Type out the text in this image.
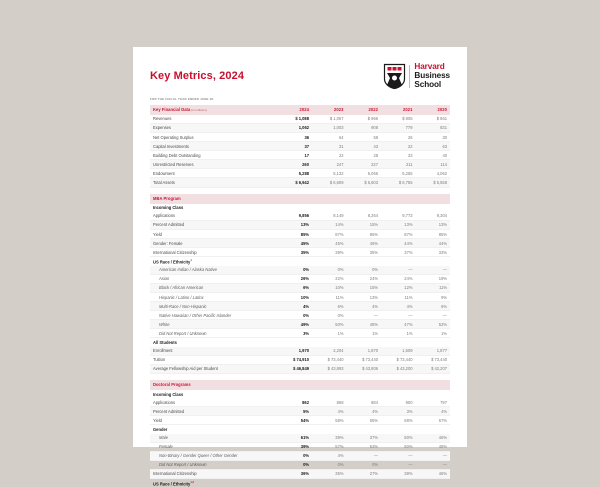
Key Metrics, 2024
Harvard
Business
School
FOR THE FISCAL YEAR ENDED JUNE 30.
Key Financial Data (in millions)	2024	2023	2022	2021	2020
Revenues	$ 1,088	$ 1,067	$ 966	$ 805	$ 861
Expenses	1,062	1,003	908	779	831
Net Operating Surplus	36	64	58	26	30
Capital Investments	37	31	43	22	63
Building Debt Outstanding	17	22	28	33	40
Unrestricted Reserves	260	247	227	211	114
Endowment	5,288	5,132	5,066	5,265	4,062
Total Assets	$ 6,942	$ 6,609	$ 6,603	$ 6,755	$ 5,558
MBA Program					
Incoming Class					
Applications	9,856	8,149	8,264	9,773	9,304
Percent Admitted	13%	14%	15%	13%	13%
Yield	85%	87%	86%	87%	85%
Gender: Female	45%	45%	46%	44%	44%
International Citizenship	35%	39%	35%	37%	33%
US Race / Ethnicity$^1$					
American Indian / Alaska Native	0%	0%	0%	—	—
Asian	26%	22%	24%	24%	19%
Black / African American	6%	10%	15%	12%	11%
Hispanic / Latino / Latinx	10%	11%	13%	11%	9%
Multi-Race / Non-Hispanic	4%	6%	4%	4%	6%
Native Hawaiian / Other Pacific Islander	0%	0%	—	—	—
White	49%	50%	48%	47%	52%
Did Not Report / Unknown	3%	1%	1%	1%	1%
All Students					
Enrollment	1,970	2,204	1,870	1,509	1,877
Tuition	$ 74,910	$ 73,440	$ 73,440	$ 73,440	$ 73,440
Average Fellowship Aid per Student	$ 46,849	$ 43,893	$ 43,806	$ 43,200	$ 42,207
Doctoral Programs					
Incoming Class					
Applications	862	868	884	900	797
Percent Admitted	5%	4%	4%	3%	4%
Yield	54%	58%	65%	68%	67%
Gender					
Male	61%	39%	37%	50%	46%
Female	39%	57%	63%	50%	46%
Non-Binary / Gender Queer / Other Gender	0%	4%	—	—	—
Did Not Report / Unknown	0%	0%	0%	—	—
International Citizenship	36%	35%	27%	38%	46%
US Race / Ethnicity$^{1,2}$					
